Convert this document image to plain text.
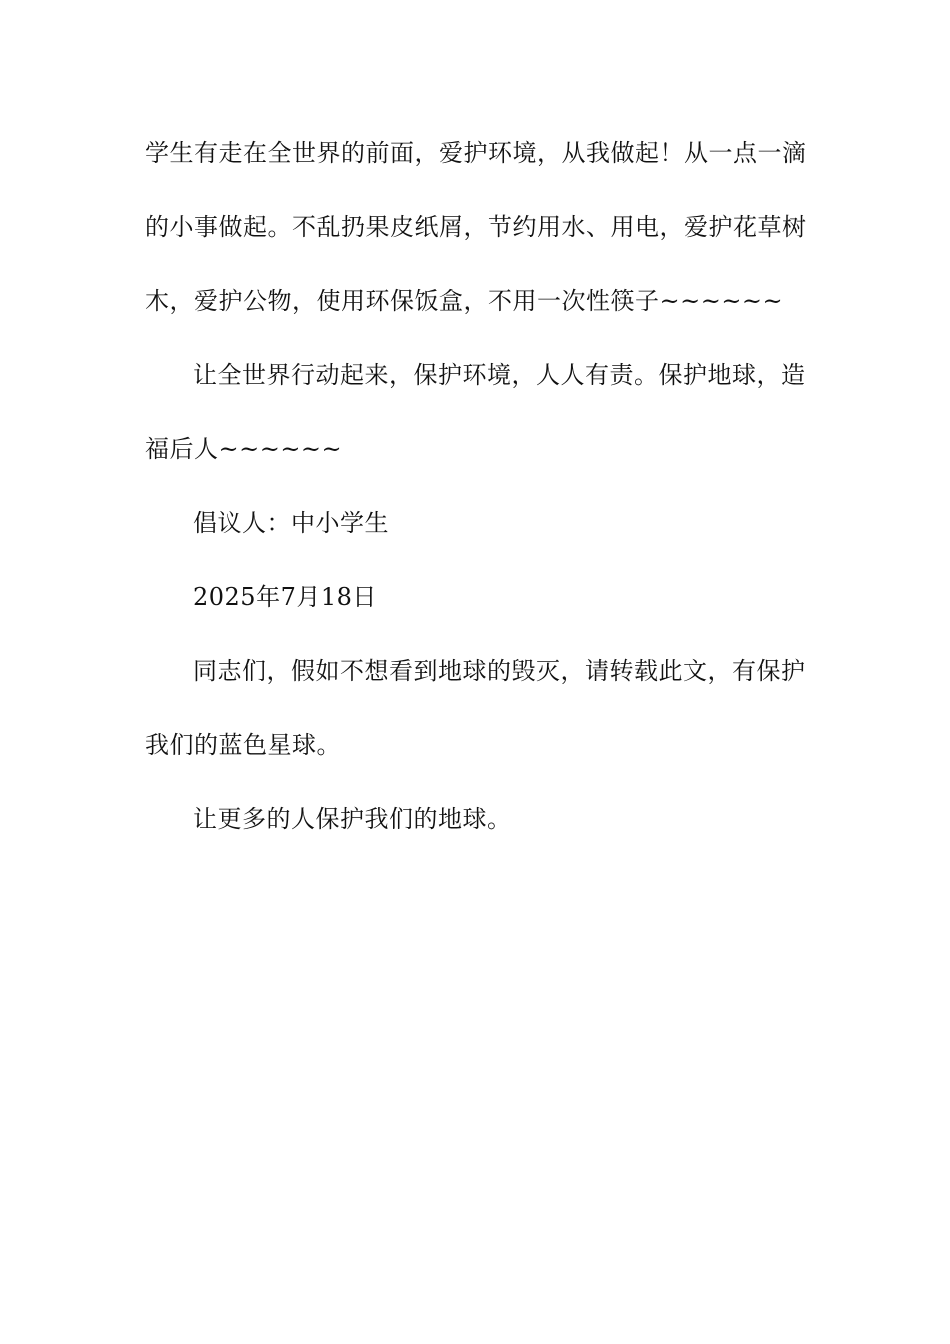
学生有走在全世界的前面，爱护环境，从我做起！从一点一滴
的小事做起。不乱扔果皮纸屑，节约用水、用电，爱护花草树
木，爱护公物，使用环保饭盒，不用一次性筷子~~~~~~
让全世界行动起来，保护环境，人人有责。保护地球，造
福后人~~~~~~
倡议人：中小学生
2025年7月18日
同志们，假如不想看到地球的毁灭，请转载此文，有保护
我们的蓝色星球。
让更多的人保护我们的地球。
